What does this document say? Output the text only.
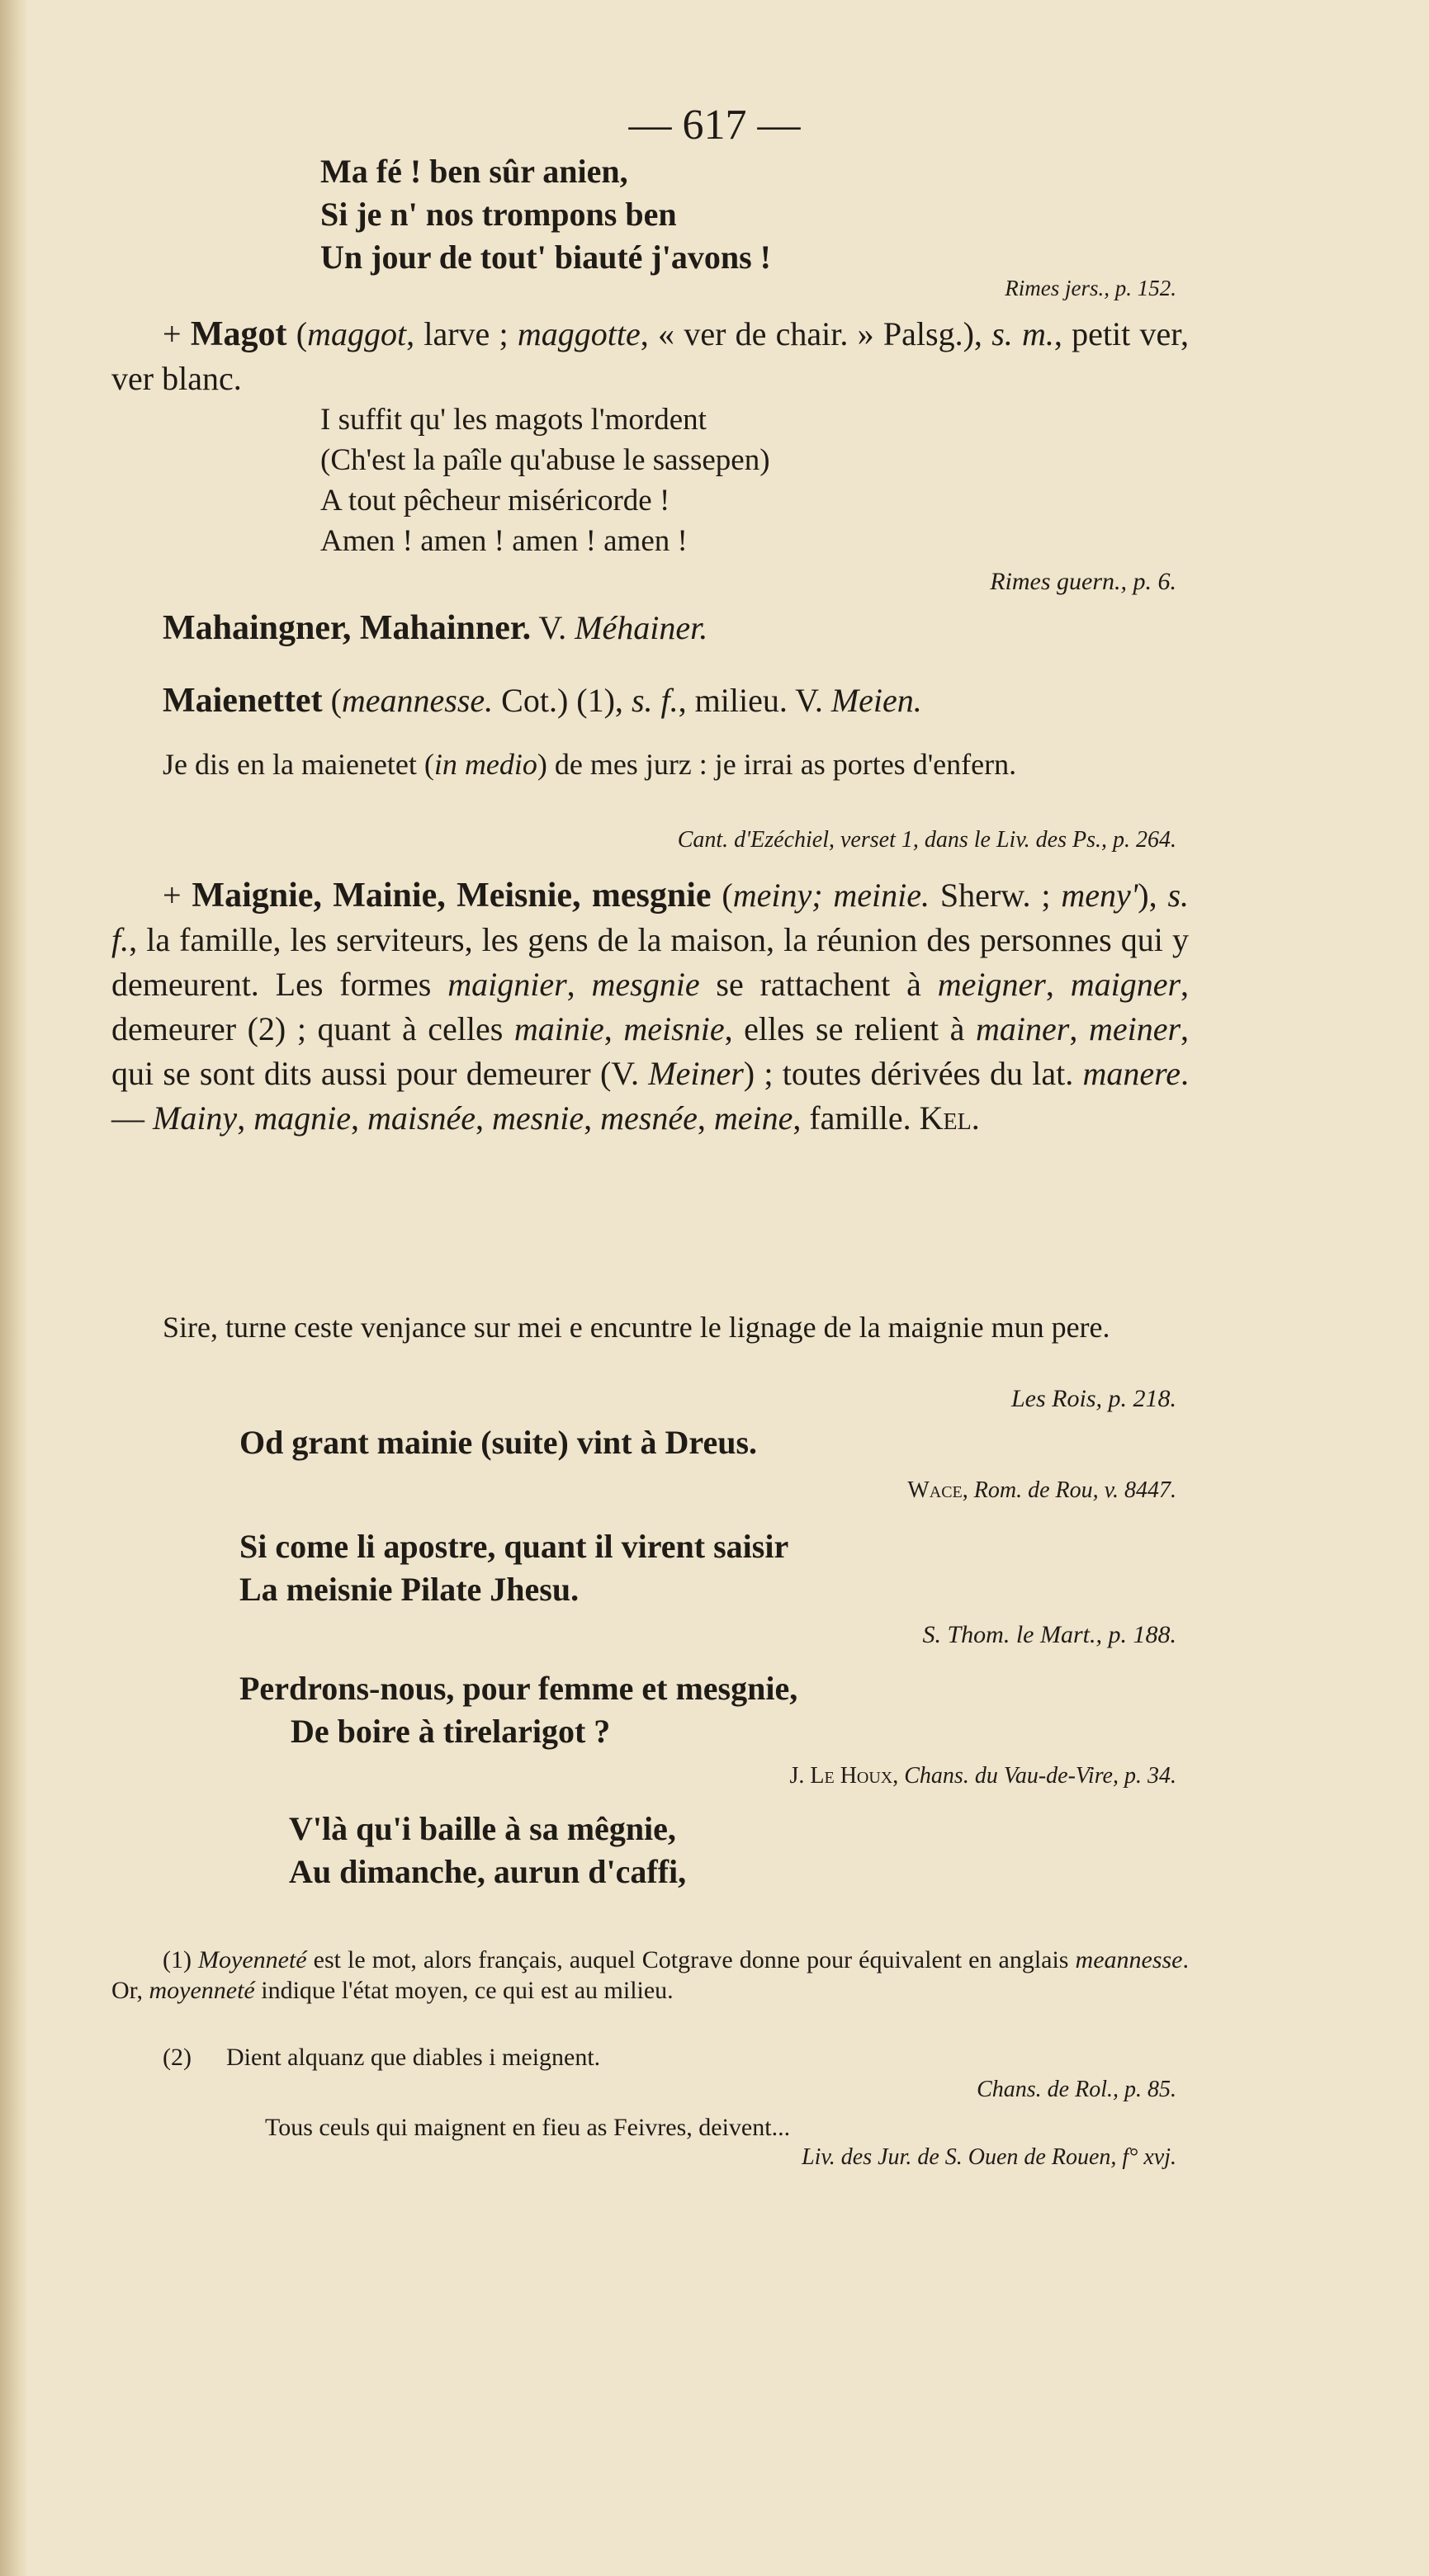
— 617 —
Ma fé ! ben sûr anien,
Si je n' nos trompons ben
Un jour de tout' biauté j'avons !
Rimes jers., p. 152.
+ Magot (maggot, larve ; maggotte, « ver de chair. » Palsg.), s. m., petit ver, ver blanc.
I suffit qu' les magots l'mordent
(Ch'est la paîle qu'abuse le sassepen)
A tout pêcheur miséricorde !
Amen ! amen ! amen ! amen !
Rimes guern., p. 6.
Mahaingner, Mahainner. V. Méhainer.
Maienettet (meannesse. Cot.) (1), s. f., milieu. V. Meien.
Je dis en la maienetet (in medio) de mes jurz : je irrai as portes d'enfern.
Cant. d'Ezéchiel, verset 1, dans le Liv. des Ps., p. 264.
+ Maignie, Mainie, Meisnie, mesgnie (meiny; meinie. Sherw. ; meny'), s. f., la famille, les serviteurs, les gens de la maison, la réunion des personnes qui y demeurent. Les formes maignier, mesgnie se rattachent à meigner, maigner, demeurer (2) ; quant à celles mainie, meisnie, elles se relient à mainer, meiner, qui se sont dits aussi pour demeurer (V. Meiner) ; toutes dérivées du lat. manere. — Mainy, magnie, maisnée, mesnie, mesnée, meine, famille. Kel.
Sire, turne ceste venjance sur mei e encuntre le lignage de la maignie mun pere.
Les Rois, p. 218.
Od grant mainie (suite) vint à Dreus.
Wace, Rom. de Rou, v. 8447.
Si come li apostre, quant il virent saisir
La meisnie Pilate Jhesu.
S. Thom. le Mart., p. 188.
Perdrons-nous, pour femme et mesgnie,
De boire à tirelarigot ?
J. Le Houx, Chans. du Vau-de-Vire, p. 34.
V'là qu'i baille à sa mêgnie,
Au dimanche, aurun d'caffi,
(1) Moyenneté est le mot, alors français, auquel Cotgrave donne pour équivalent en anglais meannesse. Or, moyenneté indique l'état moyen, ce qui est au milieu.
(2) Dient alquanz que diables i meignent.
Chans. de Rol., p. 85.
Tous ceuls qui maignent en fieu as Feivres, deivent...
Liv. des Jur. de S. Ouen de Rouen, f° xvj.
